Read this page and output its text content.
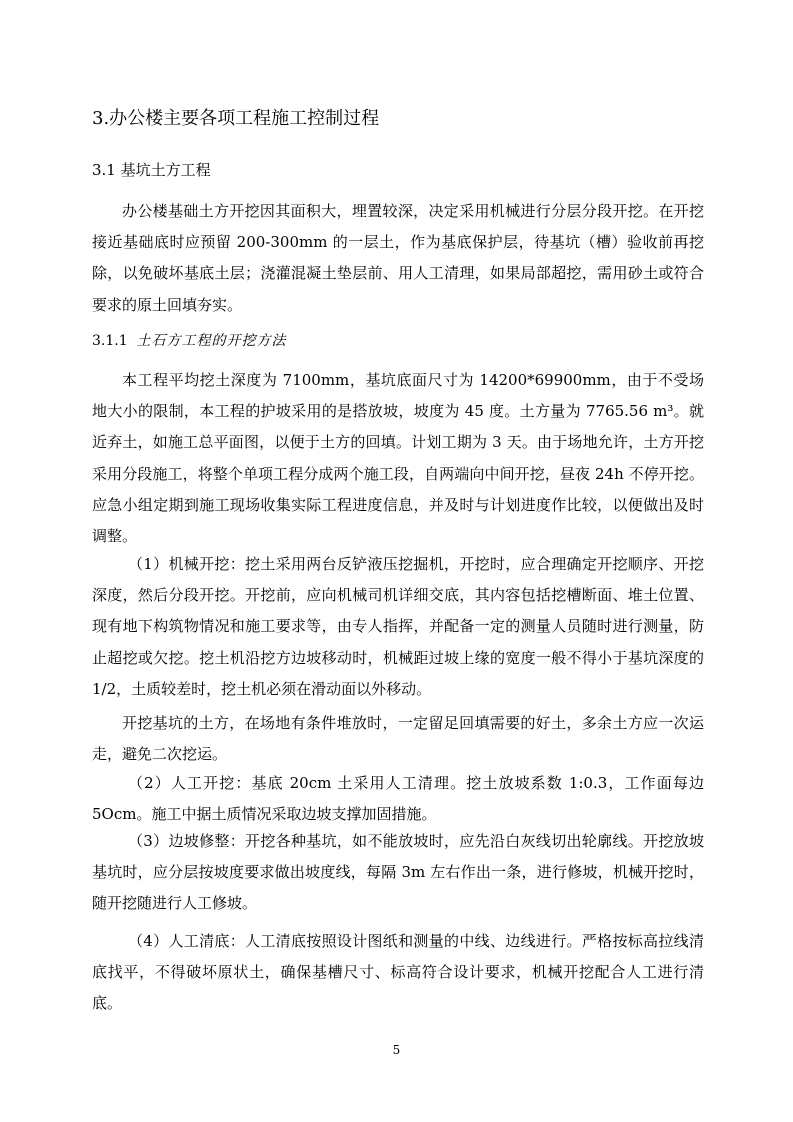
3.办公楼主要各项工程施工控制过程
3.1 基坑土方工程

办公楼基础土方开挖因其面积大，埋置较深，决定采用机械进行分层分段开挖。在开挖接近基础底时应预留 200-300mm 的一层土，作为基底保护层，待基坑（槽）验收前再挖除，以免破坏基底土层；浇灌混凝土垫层前、用人工清理，如果局部超挖，需用砂土或符合要求的原土回填夯实。

3.1.1 土石方工程的开挖方法

本工程平均挖土深度为 7100mm，基坑底面尺寸为 14200*69900mm，由于不受场地大小的限制，本工程的护坡采用的是搭放坡，坡度为 45 度。土方量为 7765.56 m³。就近弃土，如施工总平面图，以便于土方的回填。计划工期为 3 天。由于场地允许，土方开挖采用分段施工，将整个单项工程分成两个施工段，自两端向中间开挖，昼夜 24h 不停开挖。应急小组定期到施工现场收集实际工程进度信息，并及时与计划进度作比较，以便做出及时调整。

（1）机械开挖：挖土采用两台反铲液压挖掘机，开挖时，应合理确定开挖顺序、开挖深度，然后分段开挖。开挖前，应向机械司机详细交底，其内容包括挖槽断面、堆土位置、现有地下构筑物情况和施工要求等，由专人指挥，并配备一定的测量人员随时进行测量，防止超挖或欠挖。挖土机沿挖方边坡移动时，机械距过坡上缘的宽度一般不得小于基坑深度的 1/2，土质较差时，挖土机必须在滑动面以外移动。

开挖基坑的土方，在场地有条件堆放时，一定留足回填需要的好土，多余土方应一次运走，避免二次挖运。

（2）人工开挖：基底 20cm 土采用人工清理。挖土放坡系数 1:0.3，工作面每边 5Ocm。施工中据土质情况采取边坡支撑加固措施。

（3）边坡修整：开挖各种基坑，如不能放坡时，应先沿白灰线切出轮廓线。开挖放坡基坑时，应分层按坡度要求做出坡度线，每隔 3m 左右作出一条，进行修坡，机械开挖时，随开挖随进行人工修坡。

（4）人工清底：人工清底按照设计图纸和测量的中线、边线进行。严格按标高拉线清底找平，不得破坏原状土，确保基槽尺寸、标高符合设计要求，机械开挖配合人工进行清底。

5
